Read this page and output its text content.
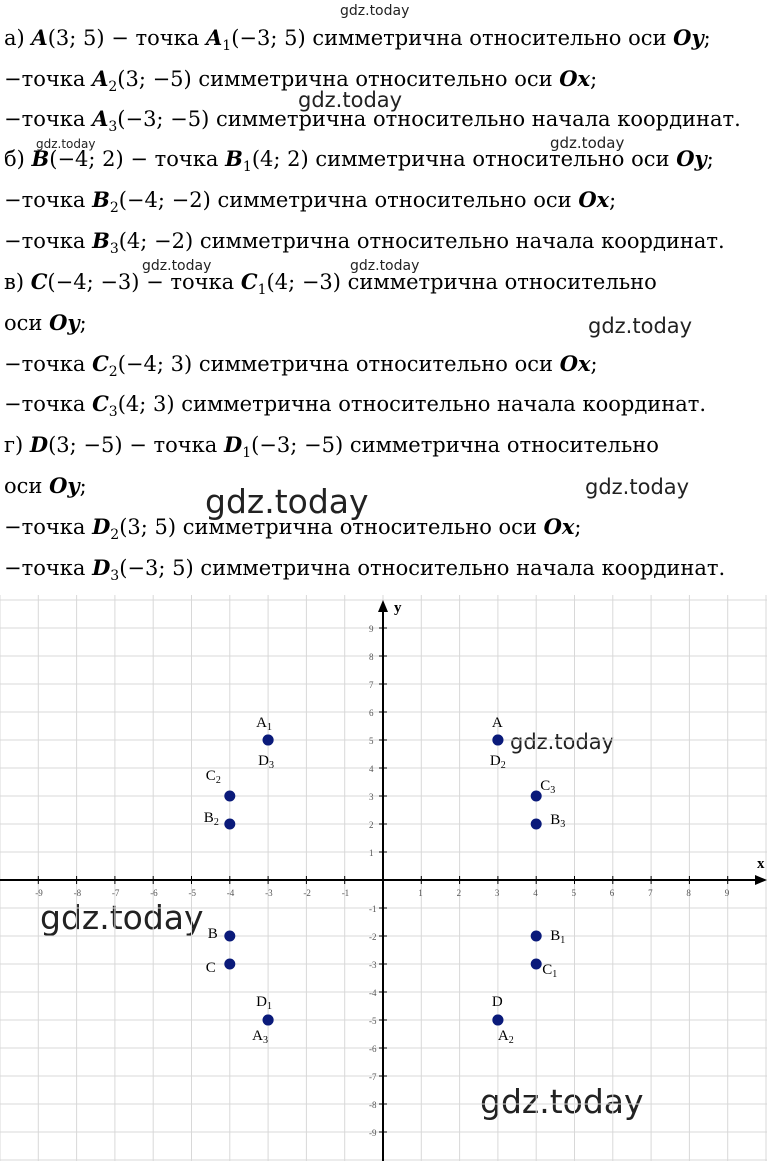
а) A(3; 5) − точка $A_1(-3$; 5) симметрична относительно оси Oy;
−точка $A_2(3$; −5) симметрична относительно оси Ox;
−точка $A_3(-3$; −5) симметрична относительно начала координат.
б) B(−4; 2) − точка $B_1(4$; 2) симметрична относительно оси Oy;
−точка $B_2(-4$; −2) симметрична относительно оси Ox;
−точка $B_3(4$; −2) симметрична относительно начала координат.
в) C(−4; −3) − точка $C_1(4$; −3) симметрична относительно
оси Oy;
−точка $C_2(-4$; 3) симметрична относительно оси Ox;
−точка $C_3(4$; 3) симметрична относительно начала координат.
г) D(3; −5) − точка $D_1(-3$; −5) симметрична относительно
оси Oy;
−точка $D_2(3$; 5) симметрична относительно оси Ox;
−точка $D_3(-3$; 5) симметрична относительно начала координат.
gdz.today
gdz.today
gdz.today	gdz.today
gdz.today	gdz.today
gdz.today
gdz.today	gdz.today
gdz.today
gdz.today
gdz.today
x
y
-9	-8	-7	-6	-5	-4	-3	-2	-1	1	2	3	4	5	6	7	8	9
-9
-8
-7
-6
-5
-4
-3
-2
-1
1
2
3
4
5
6
7
8
9
A
$D_2$
$A_1$
$D_3$
$C_2$
$B_2$
$C_3$
$B_3$
B
C
$B_1$
$C_1$
$D_1$
$A_3$
D
$A_2$
